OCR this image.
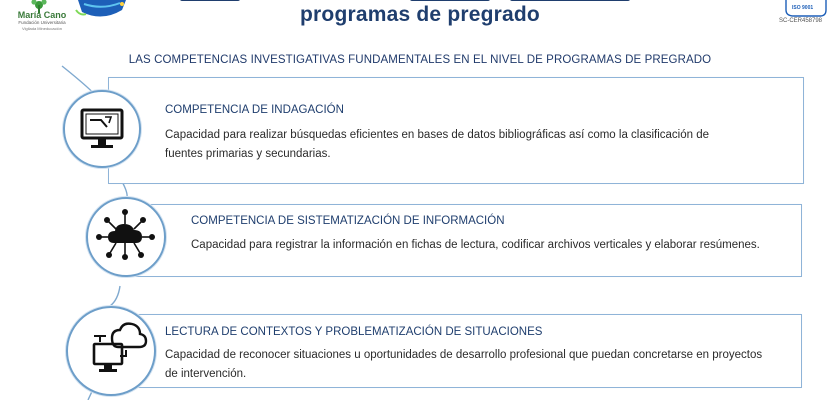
María Cano
Fundación Universitaria
Vigilada Mineducación
ISO 9001
SC-CER458798
programas de pregrado
LAS COMPETENCIAS INVESTIGATIVAS FUNDAMENTALES EN EL NIVEL DE PROGRAMAS DE PREGRADO
COMPETENCIA DE INDAGACIÓN
Capacidad para realizar búsquedas eficientes en bases de datos bibliográficas así como la clasificación de fuentes primarias y secundarias.
COMPETENCIA DE SISTEMATIZACIÓN DE INFORMACIÓN
Capacidad para registrar la información en fichas de lectura, codificar archivos verticales y elaborar resúmenes.
LECTURA DE CONTEXTOS Y PROBLEMATIZACIÓN DE SITUACIONES
Capacidad de reconocer situaciones u oportunidades de desarrollo profesional que puedan concretarse en proyectos de intervención.
